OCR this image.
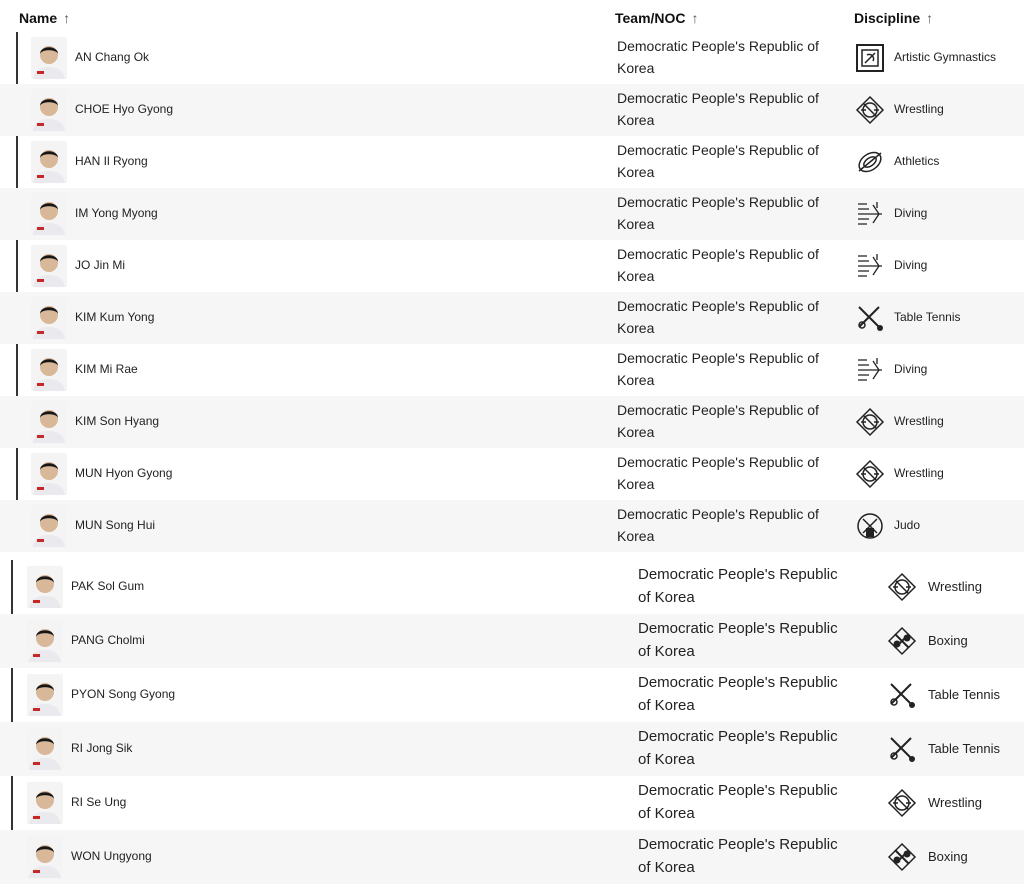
Name ↑	Team/NOC ↑	Discipline ↑
AN Chang Ok
Democratic People's Republic of Korea
Artistic Gymnastics
CHOE Hyo Gyong
Democratic People's Republic of Korea
Wrestling
HAN Il Ryong
Democratic People's Republic of Korea
Athletics
IM Yong Myong
Democratic People's Republic of Korea
Diving
JO Jin Mi
Democratic People's Republic of Korea
Diving
KIM Kum Yong
Democratic People's Republic of Korea
Table Tennis
KIM Mi Rae
Democratic People's Republic of Korea
Diving
KIM Son Hyang
Democratic People's Republic of Korea
Wrestling
MUN Hyon Gyong
Democratic People's Republic of Korea
Wrestling
MUN Song Hui
Democratic People's Republic of Korea
Judo
PAK Sol Gum
Democratic People's Republic of Korea
Wrestling
PANG Cholmi
Democratic People's Republic of Korea
Boxing
PYON Song Gyong
Democratic People's Republic of Korea
Table Tennis
RI Jong Sik
Democratic People's Republic of Korea
Table Tennis
RI Se Ung
Democratic People's Republic of Korea
Wrestling
WON Ungyong
Democratic People's Republic of Korea
Boxing
